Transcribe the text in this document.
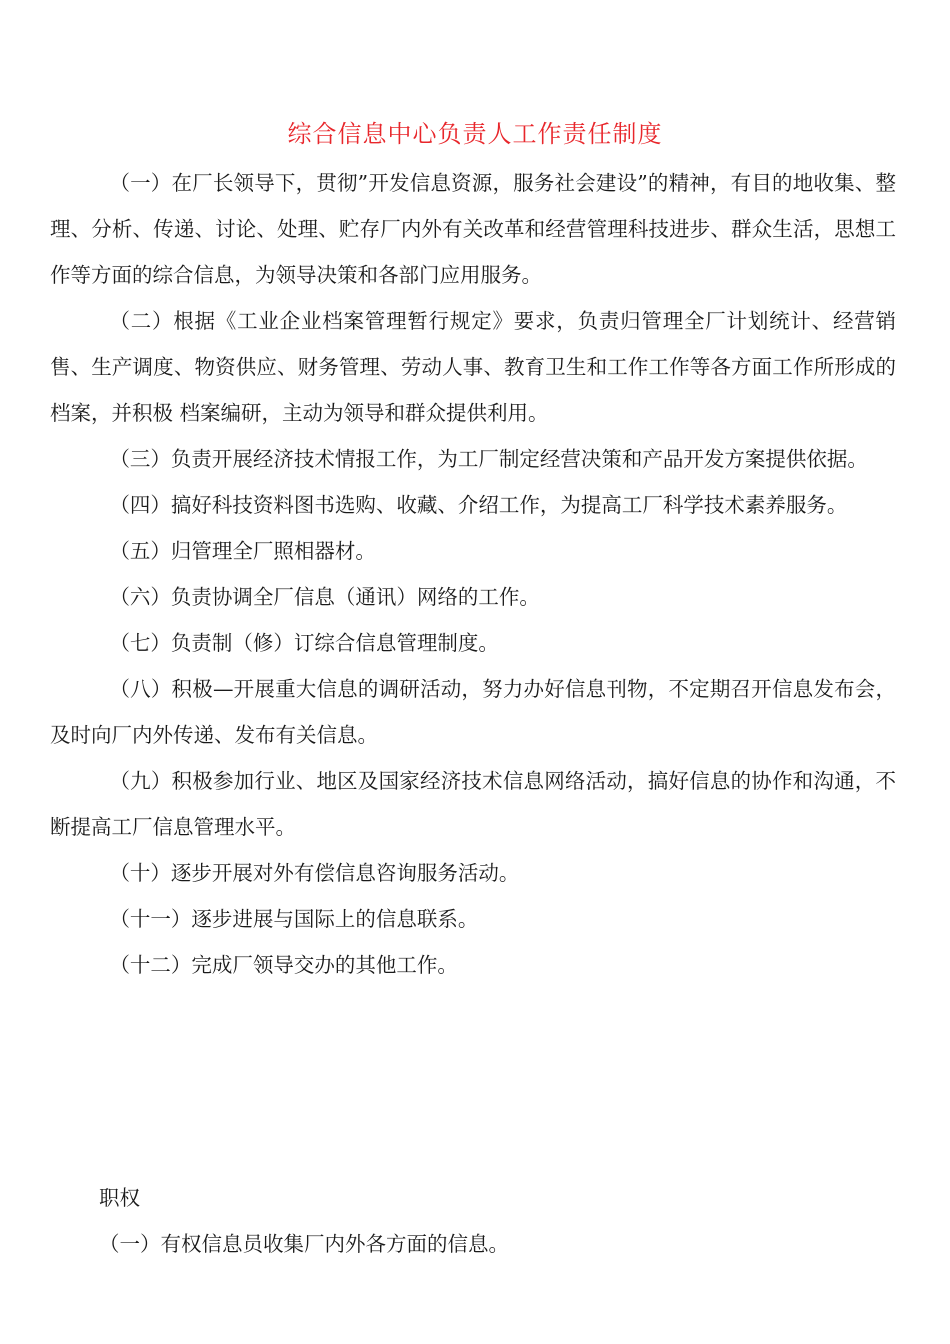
综合信息中心负责人工作责任制度

（一）在厂长领导下，贯彻”开发信息资源，服务社会建设”的精神，有目的地收集、整理、分析、传递、讨论、处理、贮存厂内外有关改革和经营管理科技进步、群众生活，思想工作等方面的综合信息，为领导决策和各部门应用服务。

（二）根据《工业企业档案管理暂行规定》要求，负责归管理全厂计划统计、经营销售、生产调度、物资供应、财务管理、劳动人事、教育卫生和工作工作等各方面工作所形成的档案，并积极 档案编研，主动为领导和群众提供利用。

（三）负责开展经济技术情报工作，为工厂制定经营决策和产品开发方案提供依据。

（四）搞好科技资料图书选购、收藏、介绍工作，为提高工厂科学技术素养服务。

（五）归管理全厂照相器材。

（六）负责协调全厂信息（通讯）网络的工作。

（七）负责制（修）订综合信息管理制度。

（八）积极—开展重大信息的调研活动，努力办好信息刊物，不定期召开信息发布会，及时向厂内外传递、发布有关信息。

（九）积极参加行业、地区及国家经济技术信息网络活动，搞好信息的协作和沟通，不断提高工厂信息管理水平。

（十）逐步开展对外有偿信息咨询服务活动。

（十一）逐步进展与国际上的信息联系。

（十二）完成厂领导交办的其他工作。

职权

（一）有权信息员收集厂内外各方面的信息。
